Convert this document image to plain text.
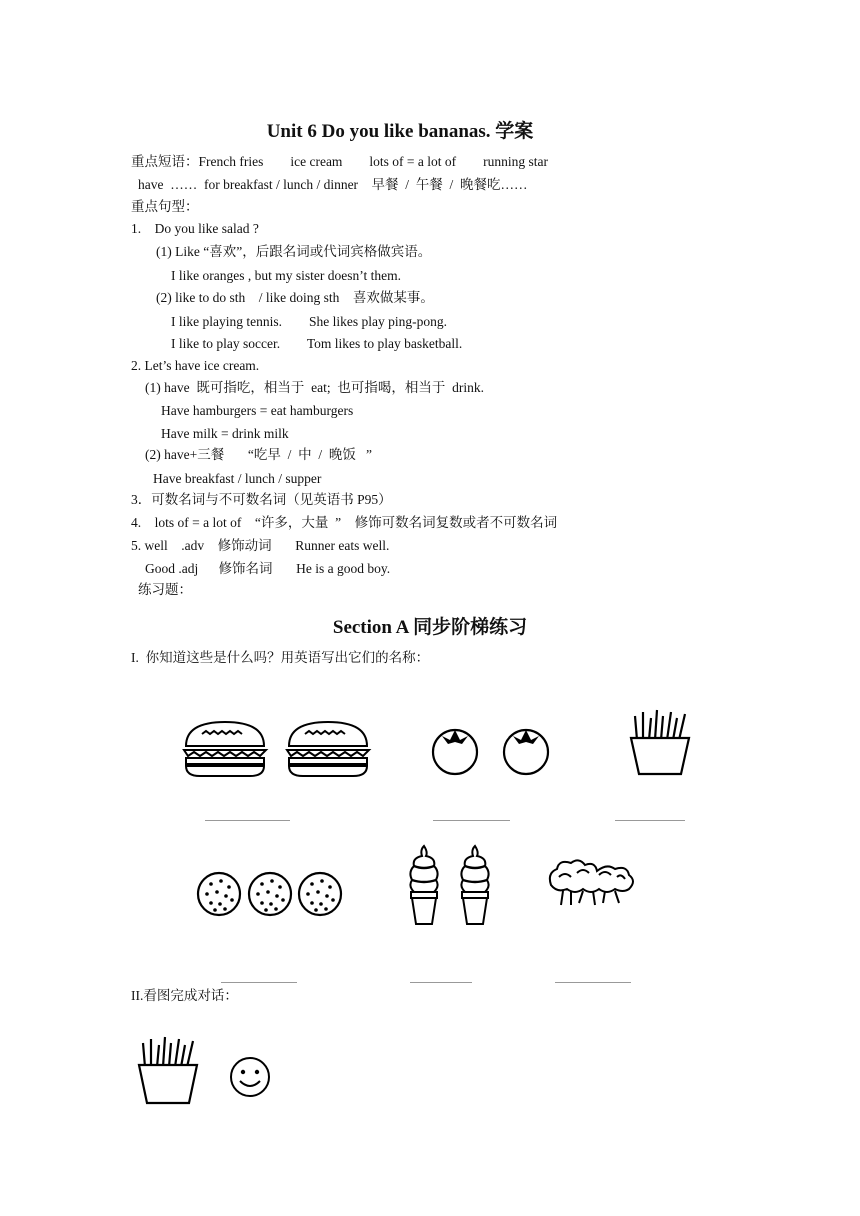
Unit 6 Do you like bananas. 学案
重点短语：French fries        ice cream        lots of = a lot of        running star
have  ……  for breakfast / lunch / dinner    早餐  /  午餐  /  晚餐吃……
重点句型：
1.    Do you like salad ?
(1) Like “喜欢”，后跟名词或代词宾格做宾语。
I like oranges , but my sister doesn’t them.
(2) like to do sth    / like doing sth    喜欢做某事。
I like playing tennis.        She likes play ping-pong.
I like to play soccer.        Tom likes to play basketball.
2. Let’s have ice cream.
(1) have  既可指吃，相当于  eat;  也可指喝，相当于  drink.
Have hamburgers = eat hamburgers
Have milk = drink milk
(2) have+三餐       “吃早  /  中  /  晚饭   ”
Have breakfast / lunch / supper
3．可数名词与不可数名词（见英语书 P95）
4.    lots of = a lot of    “许多，大量  ”    修饰可数名词复数或者不可数名词
5. well    .adv    修饰动词       Runner eats well.
Good .adj      修饰名词       He is a good boy.
练习题：
Section A 同步阶梯练习
I.  你知道这些是什么吗？用英语写出它们的名称：
II.看图完成对话：
